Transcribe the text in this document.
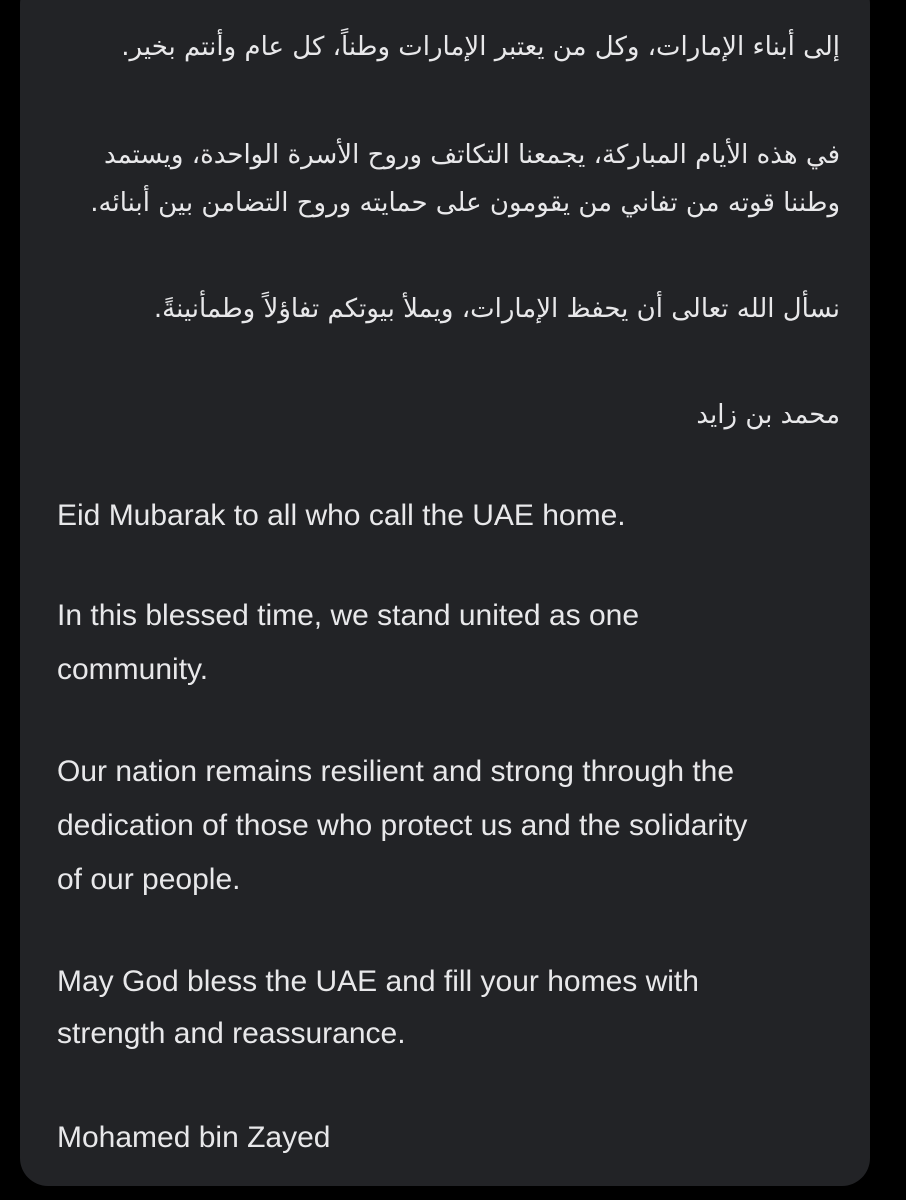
إلى أبناء الإمارات، وكل من يعتبر الإمارات وطناً، كل عام وأنتم بخير.

في هذه الأيام المباركة، يجمعنا التكاتف وروح الأسرة الواحدة، ويستمد

وطننا قوته من تفاني من يقومون على حمايته وروح التضامن بين أبنائه.

نسأل الله تعالى أن يحفظ الإمارات، ويملأ بيوتكم تفاؤلاً وطمأنينةً.

محمد بن زايد

Eid Mubarak to all who call the UAE home.

In this blessed time, we stand united as one

community.

Our nation remains resilient and strong through the

dedication of those who protect us and the solidarity

of our people.

May God bless the UAE and fill your homes with

strength and reassurance.

Mohamed bin Zayed
